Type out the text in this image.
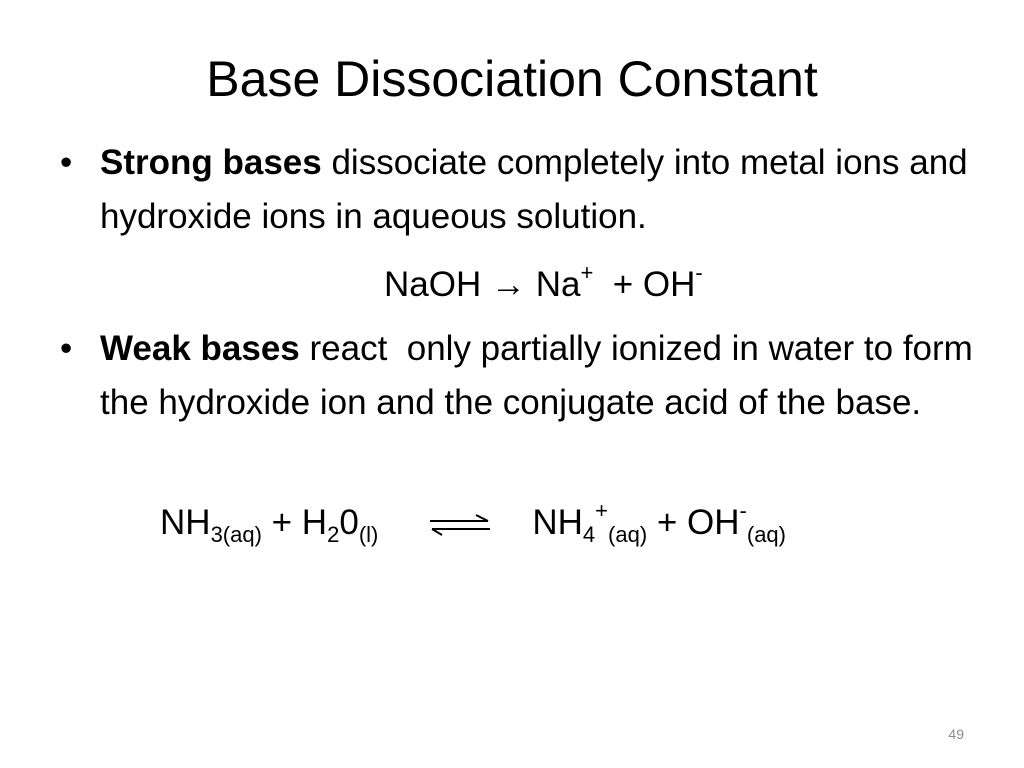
Base Dissociation Constant
• Strong bases dissociate completely into metal ions and hydroxide ions in aqueous solution.
NaOH → Na+  + OH-
• Weak bases react  only partially ionized in water to form the hydroxide ion and the conjugate acid of the base.
$NH_{3(aq)} + H_20_{(l)}$ ⇌ $NH_4^+_{(aq)} + OH^-_{(aq)}$
49
